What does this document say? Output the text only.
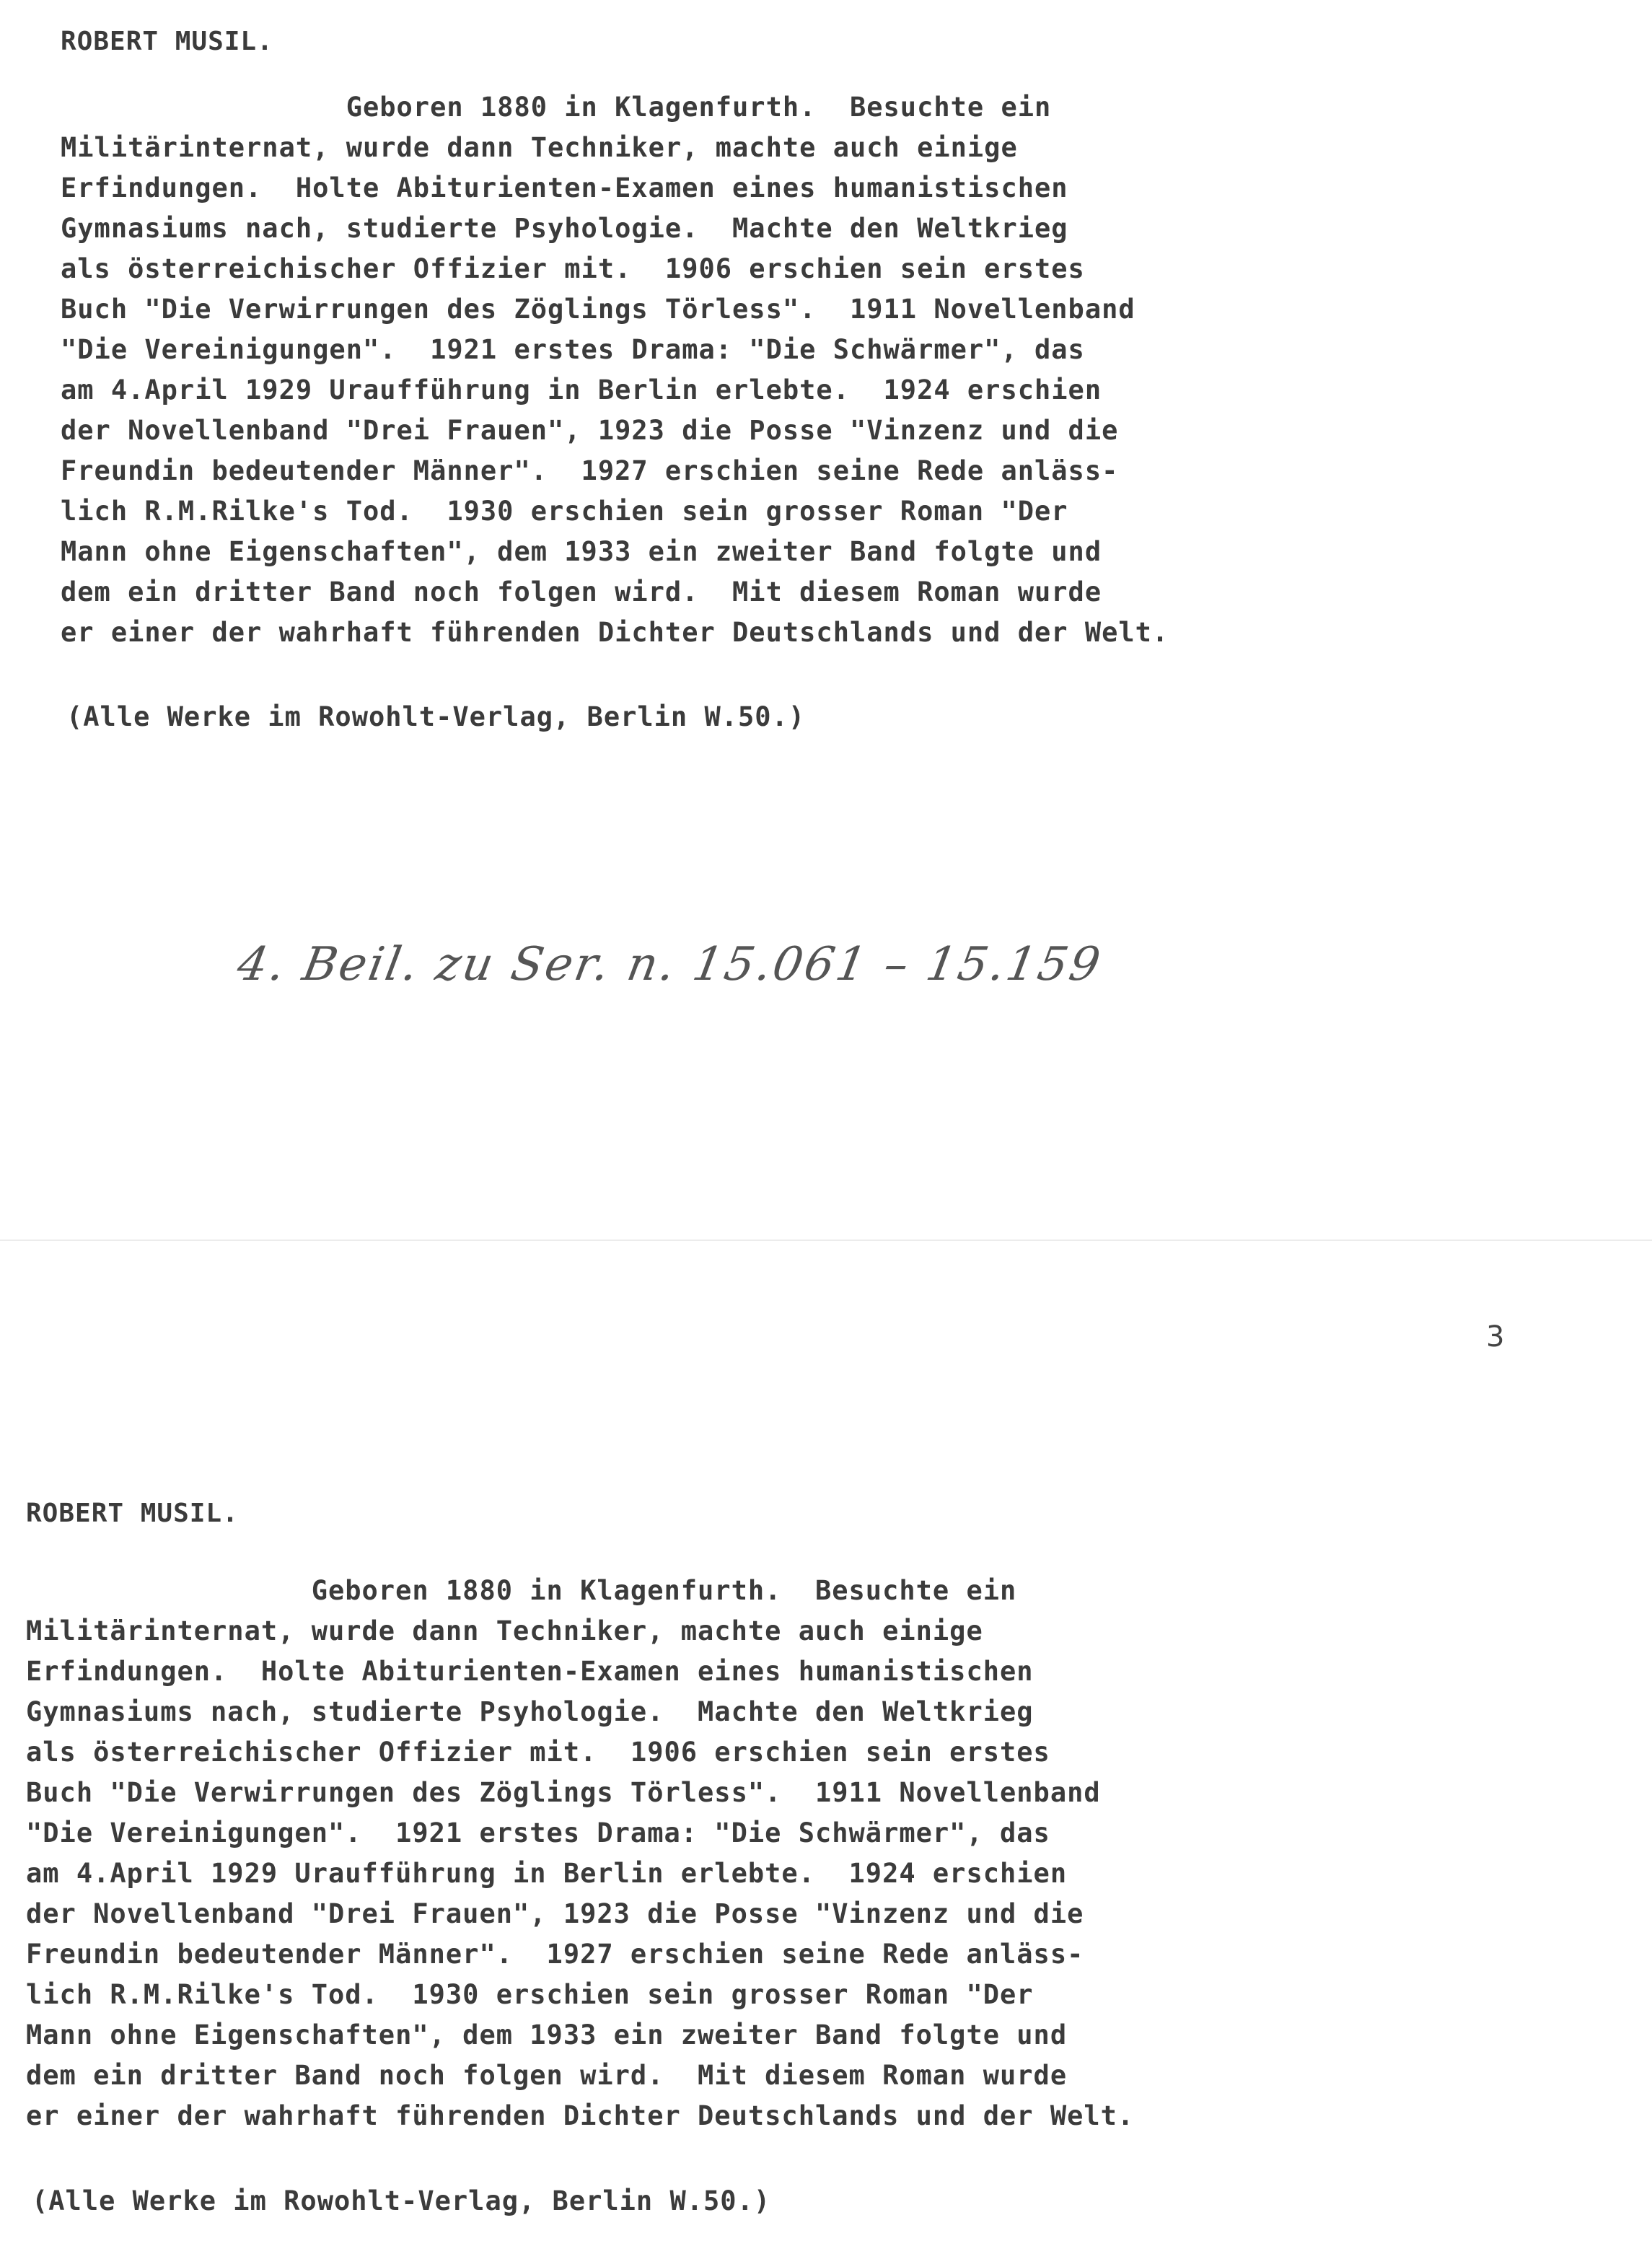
ROBERT MUSIL.
Geboren 1880 in Klagenfurth.  Besuchte ein
Militärinternat, wurde dann Techniker, machte auch einige
Erfindungen.  Holte Abiturienten-Examen eines humanistischen
Gymnasiums nach, studierte Psyhologie.  Machte den Weltkrieg
als österreichischer Offizier mit.  1906 erschien sein erstes
Buch "Die Verwirrungen des Zöglings Törless".  1911 Novellenband
"Die Vereinigungen".  1921 erstes Drama: "Die Schwärmer", das
am 4.April 1929 Uraufführung in Berlin erlebte.  1924 erschien
der Novellenband "Drei Frauen", 1923 die Posse "Vinzenz und die
Freundin bedeutender Männer".  1927 erschien seine Rede anläss-
lich R.M.Rilke's Tod.  1930 erschien sein grosser Roman "Der
Mann ohne Eigenschaften", dem 1933 ein zweiter Band folgte und
dem ein dritter Band noch folgen wird.  Mit diesem Roman wurde
er einer der wahrhaft führenden Dichter Deutschlands und der Welt.
(Alle Werke im Rowohlt-Verlag, Berlin W.50.)
4. Beil. zu Ser. n. 15.061 – 15.159
3
ROBERT MUSIL.
Geboren 1880 in Klagenfurth.  Besuchte ein
Militärinternat, wurde dann Techniker, machte auch einige
Erfindungen.  Holte Abiturienten-Examen eines humanistischen
Gymnasiums nach, studierte Psyhologie.  Machte den Weltkrieg
als österreichischer Offizier mit.  1906 erschien sein erstes
Buch "Die Verwirrungen des Zöglings Törless".  1911 Novellenband
"Die Vereinigungen".  1921 erstes Drama: "Die Schwärmer", das
am 4.April 1929 Uraufführung in Berlin erlebte.  1924 erschien
der Novellenband "Drei Frauen", 1923 die Posse "Vinzenz und die
Freundin bedeutender Männer".  1927 erschien seine Rede anläss-
lich R.M.Rilke's Tod.  1930 erschien sein grosser Roman "Der
Mann ohne Eigenschaften", dem 1933 ein zweiter Band folgte und
dem ein dritter Band noch folgen wird.  Mit diesem Roman wurde
er einer der wahrhaft führenden Dichter Deutschlands und der Welt.
(Alle Werke im Rowohlt-Verlag, Berlin W.50.)
